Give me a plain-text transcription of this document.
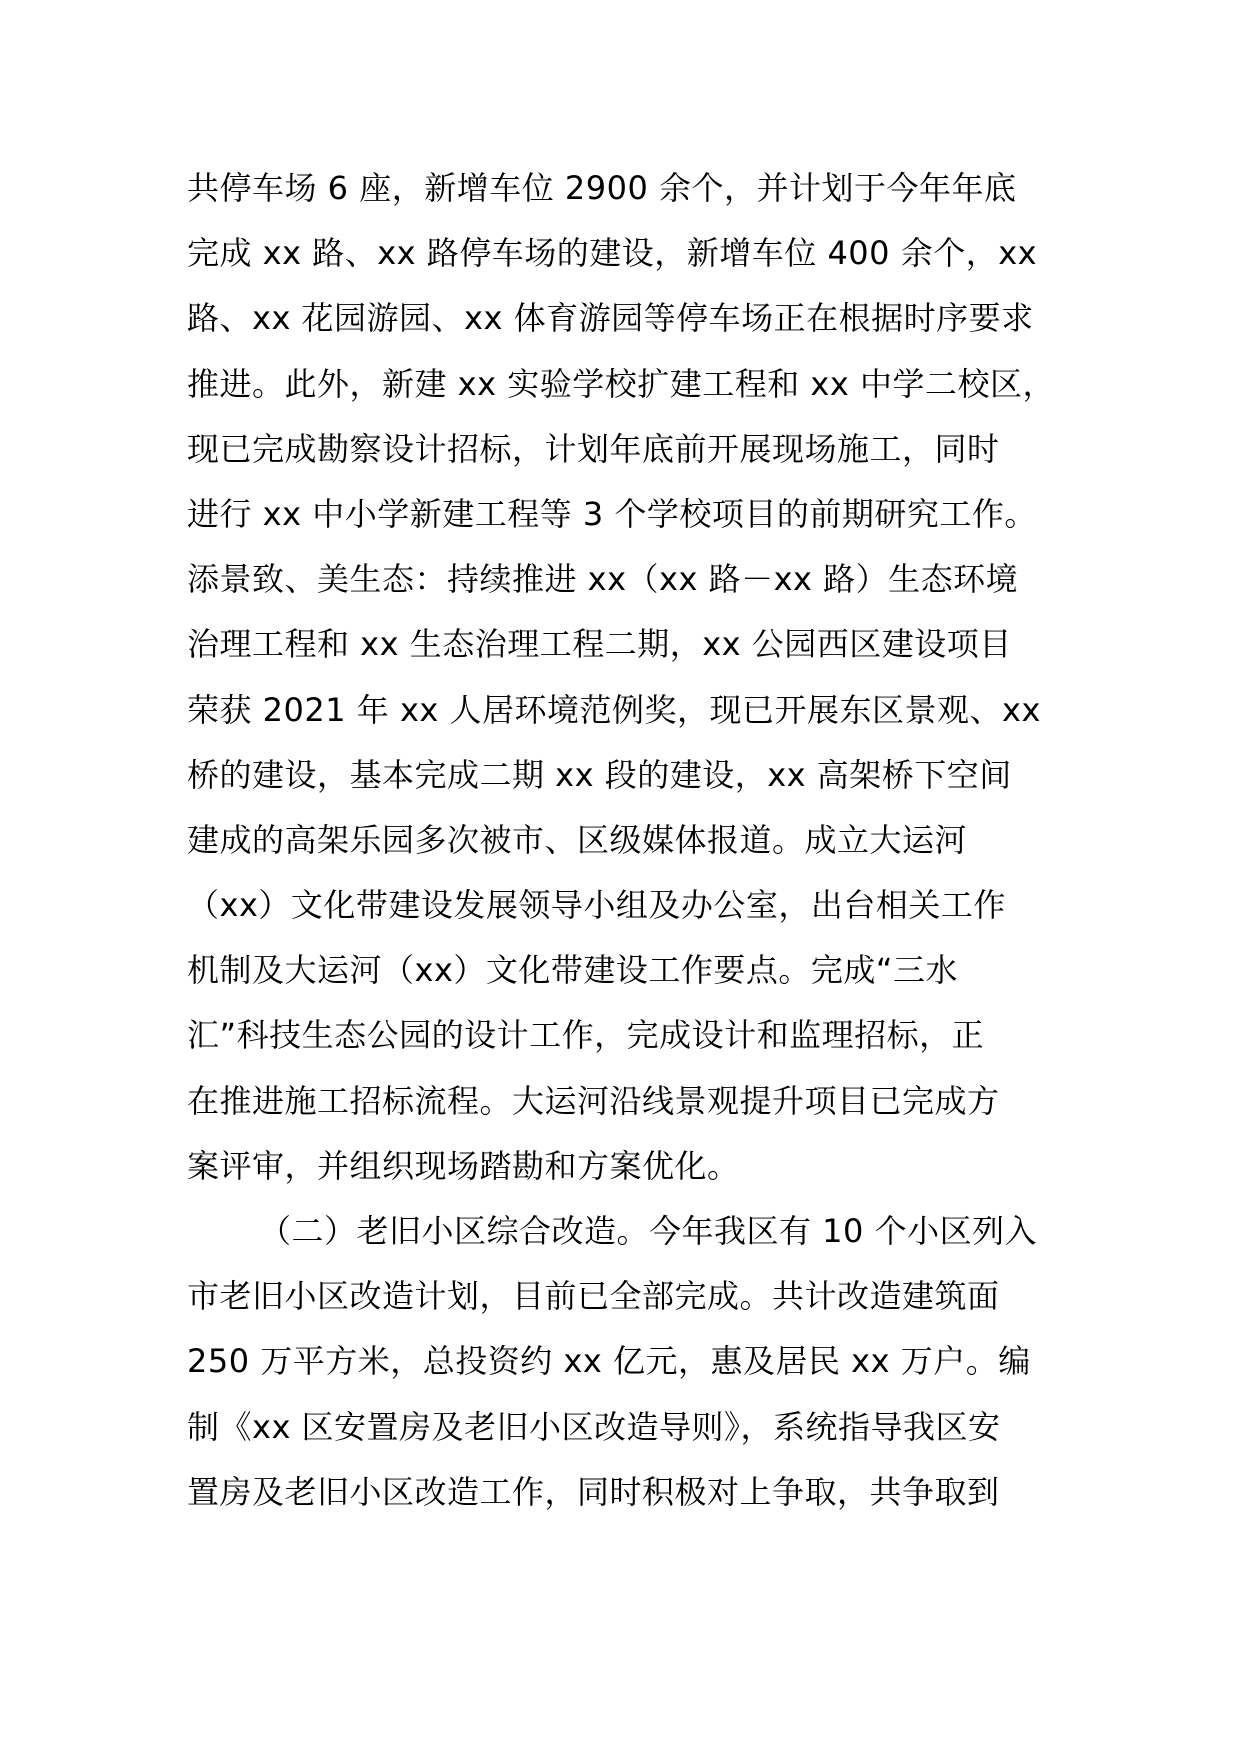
共停车场 6 座，新增车位 2900 余个，并计划于今年年底
完成 xx 路、xx 路停车场的建设，新增车位 400 余个，xx
路、xx 花园游园、xx 体育游园等停车场正在根据时序要求
推进。此外，新建 xx 实验学校扩建工程和 xx 中学二校区，
现已完成勘察设计招标，计划年底前开展现场施工，同时
进行 xx 中小学新建工程等 3 个学校项目的前期研究工作。
添景致、美生态：持续推进 xx（xx 路－xx 路）生态环境
治理工程和 xx 生态治理工程二期，xx 公园西区建设项目
荣获 2021 年 xx 人居环境范例奖，现已开展东区景观、xx
桥的建设，基本完成二期 xx 段的建设，xx 高架桥下空间
建成的高架乐园多次被市、区级媒体报道。成立大运河
（xx）文化带建设发展领导小组及办公室，出台相关工作
机制及大运河（xx）文化带建设工作要点。完成“三水
汇”科技生态公园的设计工作，完成设计和监理招标，正
在推进施工招标流程。大运河沿线景观提升项目已完成方
案评审，并组织现场踏勘和方案优化。
（二）老旧小区综合改造。今年我区有 10 个小区列入
市老旧小区改造计划，目前已全部完成。共计改造建筑面
250 万平方米，总投资约 xx 亿元，惠及居民 xx 万户。编
制《xx 区安置房及老旧小区改造导则》，系统指导我区安
置房及老旧小区改造工作，同时积极对上争取，共争取到
